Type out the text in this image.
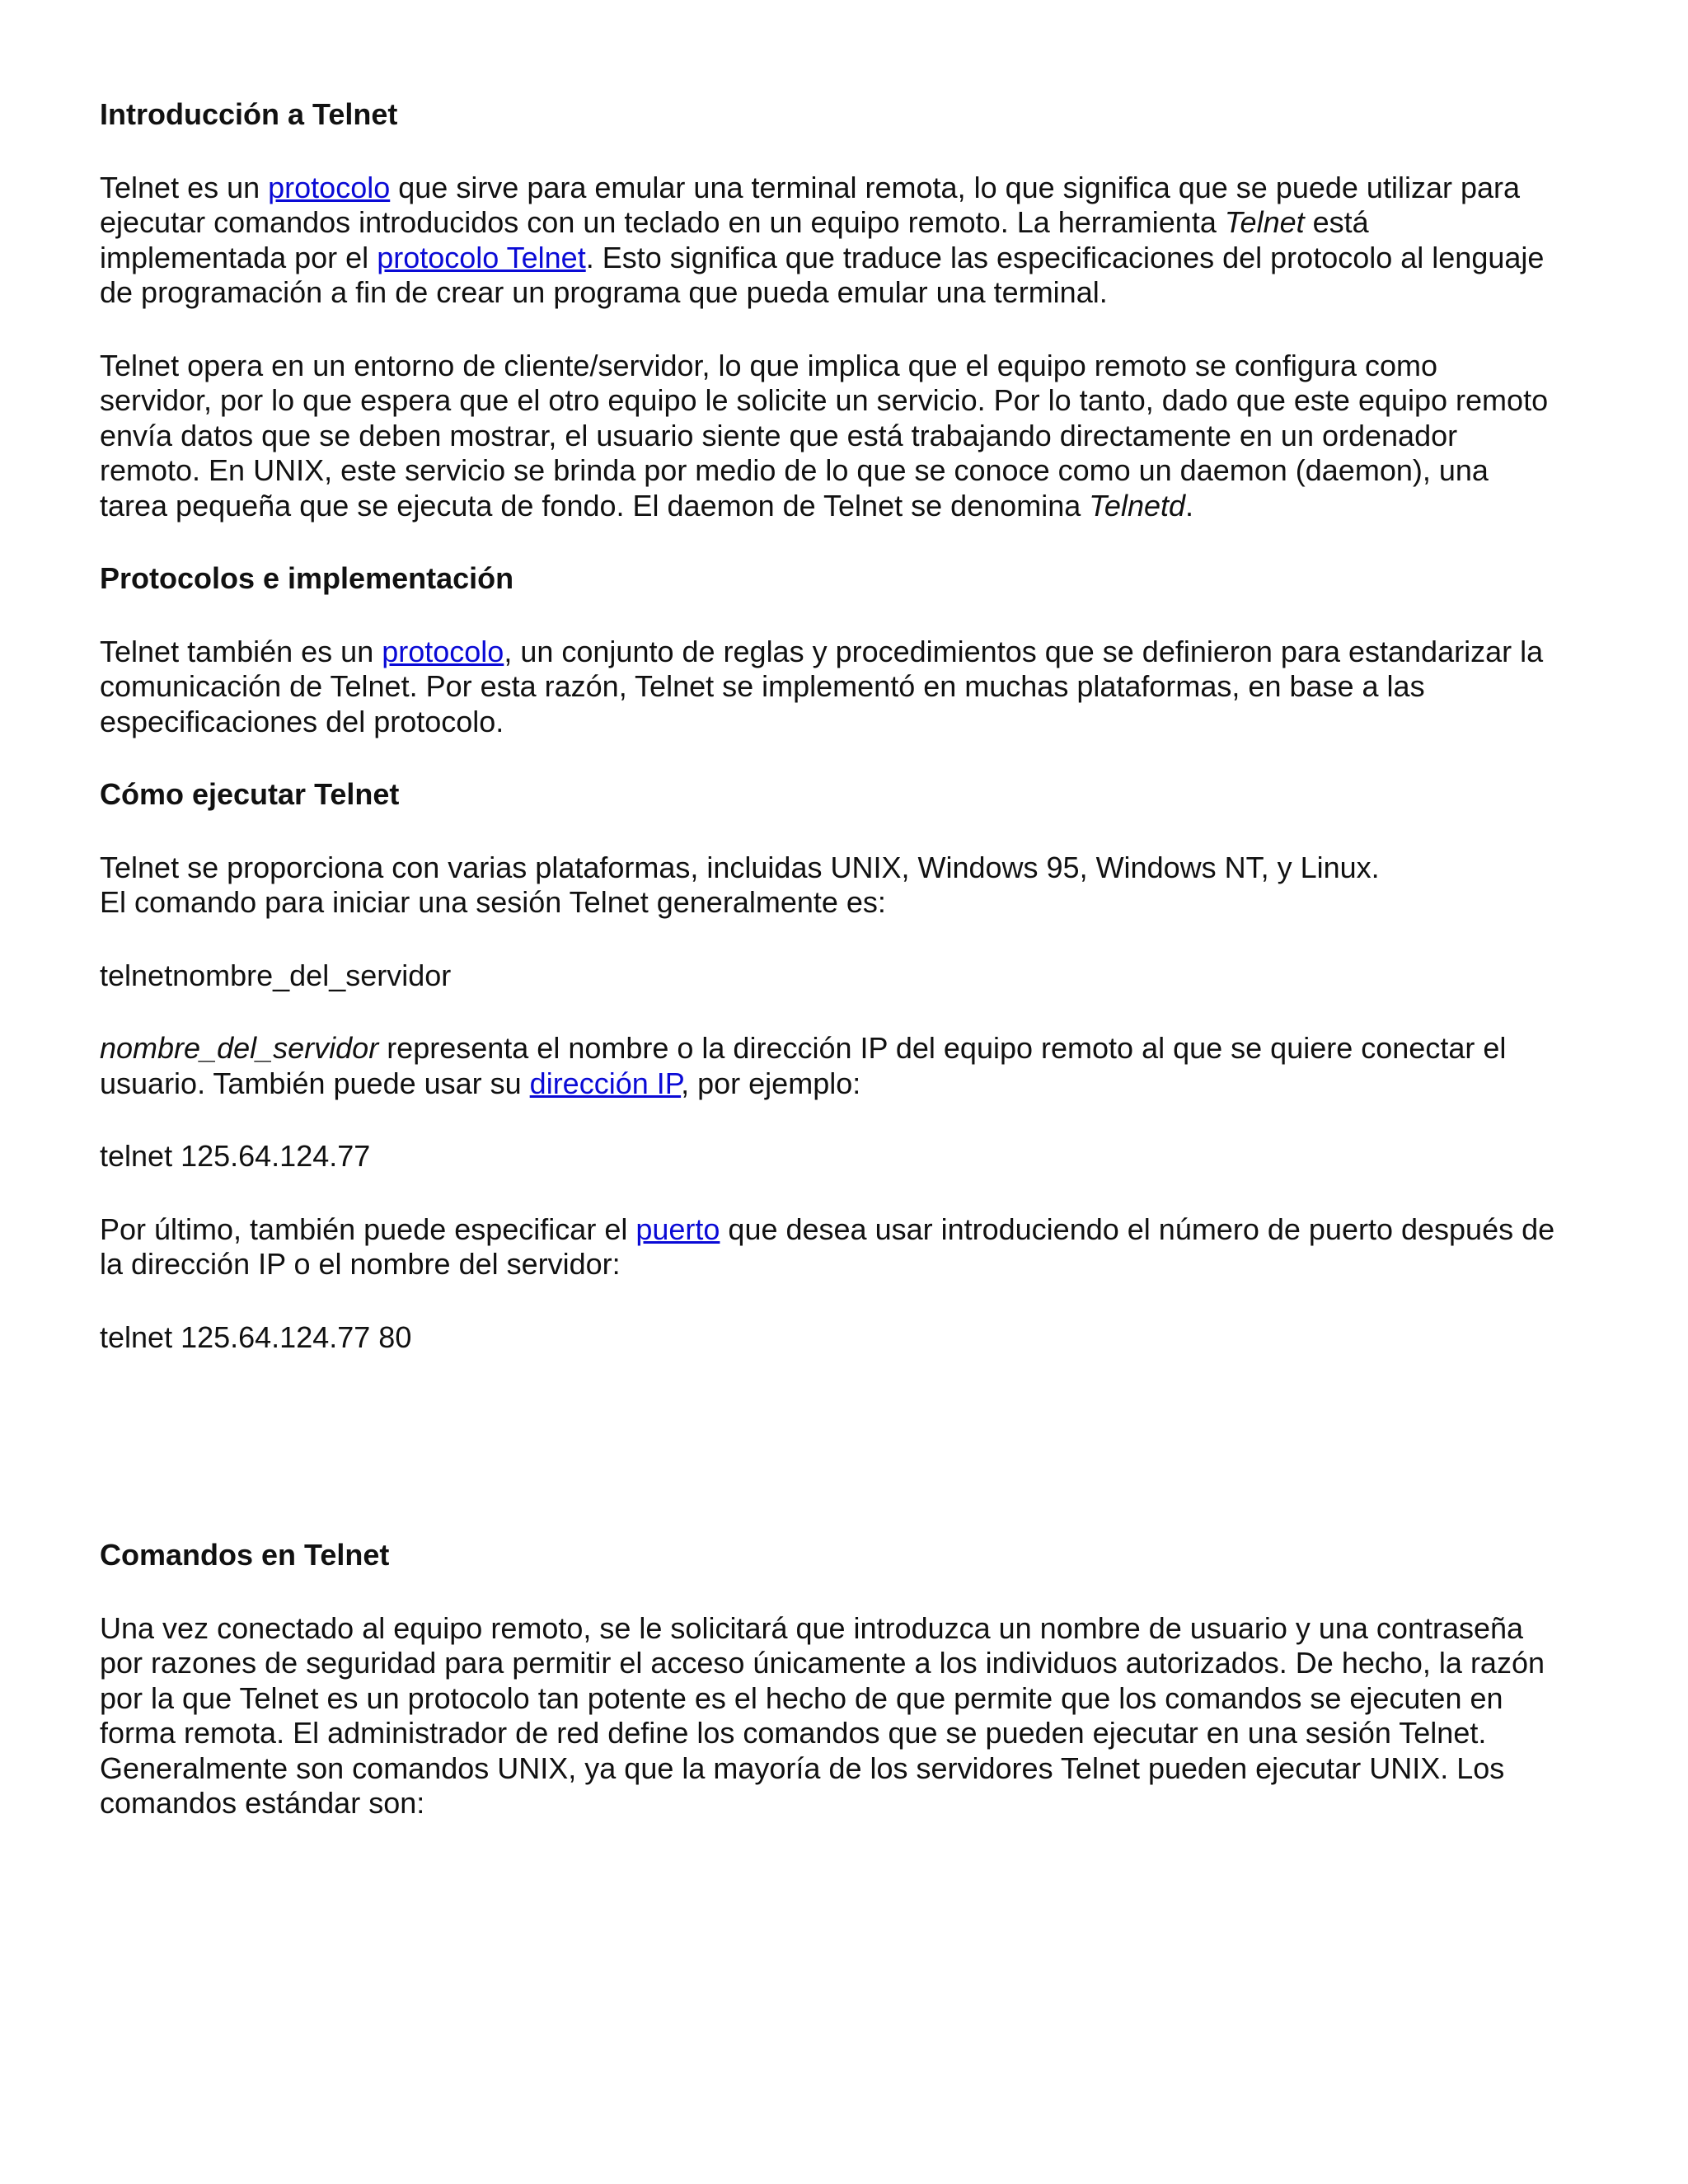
Introducción a Telnet

Telnet es un protocolo que sirve para emular una terminal remota, lo que significa que se puede utilizar para
ejecutar comandos introducidos con un teclado en un equipo remoto. La herramienta Telnet está
implementada por el protocolo Telnet. Esto significa que traduce las especificaciones del protocolo al lenguaje
de programación a fin de crear un programa que pueda emular una terminal.

Telnet opera en un entorno de cliente/servidor, lo que implica que el equipo remoto se configura como
servidor, por lo que espera que el otro equipo le solicite un servicio. Por lo tanto, dado que este equipo remoto
envía datos que se deben mostrar, el usuario siente que está trabajando directamente en un ordenador
remoto. En UNIX, este servicio se brinda por medio de lo que se conoce como un daemon (daemon), una
tarea pequeña que se ejecuta de fondo. El daemon de Telnet se denomina Telnetd.

Protocolos e implementación

Telnet también es un protocolo, un conjunto de reglas y procedimientos que se definieron para estandarizar la
comunicación de Telnet. Por esta razón, Telnet se implementó en muchas plataformas, en base a las
especificaciones del protocolo.

Cómo ejecutar Telnet

Telnet se proporciona con varias plataformas, incluidas UNIX, Windows 95, Windows NT, y Linux.
El comando para iniciar una sesión Telnet generalmente es:

telnetnombre_del_servidor

nombre_del_servidor representa el nombre o la dirección IP del equipo remoto al que se quiere conectar el
usuario. También puede usar su dirección IP, por ejemplo:

telnet 125.64.124.77

Por último, también puede especificar el puerto que desea usar introduciendo el número de puerto después de
la dirección IP o el nombre del servidor:

telnet 125.64.124.77 80

Comandos en Telnet

Una vez conectado al equipo remoto, se le solicitará que introduzca un nombre de usuario y una contraseña
por razones de seguridad para permitir el acceso únicamente a los individuos autorizados. De hecho, la razón
por la que Telnet es un protocolo tan potente es el hecho de que permite que los comandos se ejecuten en
forma remota. El administrador de red define los comandos que se pueden ejecutar en una sesión Telnet.
Generalmente son comandos UNIX, ya que la mayoría de los servidores Telnet pueden ejecutar UNIX. Los
comandos estándar son:
